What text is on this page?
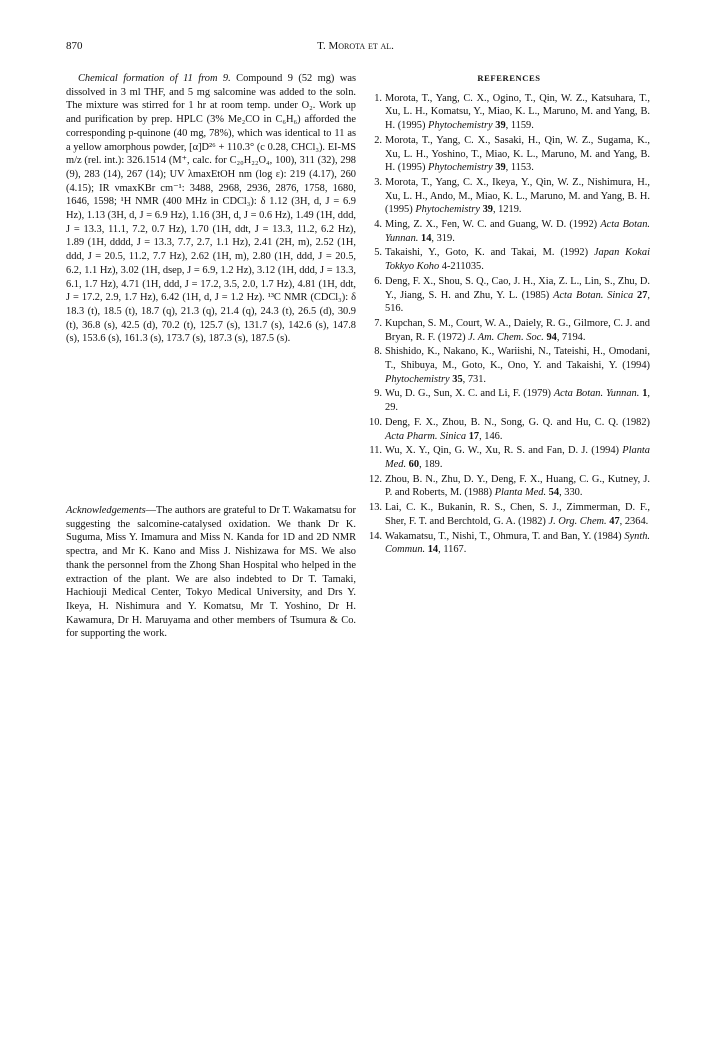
870	T. Morota et al.

Chemical formation of 11 from 9. Compound 9 (52 mg) was dissolved in 3 ml THF, and 5 mg salcomine was added to the soln. The mixture was stirred for 1 hr at room temp. under O₂. Work up and purification by prep. HPLC (3% Me₂CO in C₆H₆) afforded the corresponding p-quinone (40 mg, 78%), which was identical to 11 as a yellow amorphous powder, [α]D²⁶ + 110.3° (c 0.28, CHCl₃). EI-MS m/z (rel. int.): 326.1514 (M⁺, calc. for C₂₀H₂₂O₄, 100), 311 (32), 298 (9), 283 (14), 267 (14); UV λmaxEtOH nm (log ε): 219 (4.17), 260 (4.15); IR νmaxKBr cm⁻¹: 3488, 2968, 2936, 2876, 1758, 1680, 1646, 1598; ¹H NMR (400 MHz in CDCl₃): δ 1.12 (3H, d, J = 6.9 Hz), 1.13 (3H, d, J = 6.9 Hz), 1.16 (3H, d, J = 0.6 Hz), 1.49 (1H, ddd, J = 13.3, 11.1, 7.2, 0.7 Hz), 1.70 (1H, ddt, J = 13.3, 11.2, 6.2 Hz), 1.89 (1H, dddd, J = 13.3, 7.7, 2.7, 1.1 Hz), 2.41 (2H, m), 2.52 (1H, ddd, J = 20.5, 11.2, 7.7 Hz), 2.62 (1H, m), 2.80 (1H, ddd, J = 20.5, 6.2, 1.1 Hz), 3.02 (1H, dsep, J = 6.9, 1.2 Hz), 3.12 (1H, ddd, J = 13.3, 6.1, 1.7 Hz), 4.71 (1H, ddd, J = 17.2, 3.5, 2.0, 1.7 Hz), 4.81 (1H, ddt, J = 17.2, 2.9, 1.7 Hz), 6.42 (1H, d, J = 1.2 Hz). ¹³C NMR (CDCl₃): δ 18.3 (t), 18.5 (t), 18.7 (q), 21.3 (q), 21.4 (q), 24.3 (t), 26.5 (d), 30.9 (t), 36.8 (s), 42.5 (d), 70.2 (t), 125.7 (s), 131.7 (s), 142.6 (s), 147.8 (s), 153.6 (s), 161.3 (s), 173.7 (s), 187.3 (s), 187.5 (s).

Acknowledgements—The authors are grateful to Dr T. Wakamatsu for suggesting the salcomine-catalysed oxidation. We thank Dr K. Suguma, Miss Y. Imamura and Miss N. Kanda for 1D and 2D NMR spectra, and Mr K. Kano and Miss J. Nishizawa for MS. We also thank the personnel from the Zhong Shan Hospital who helped in the extraction of the plant. We are also indebted to Dr T. Tamaki, Hachiouji Medical Center, Tokyo Medical University, and Drs Y. Ikeya, H. Nishimura and Y. Komatsu, Mr T. Yoshino, Dr H. Kawamura, Dr H. Maruyama and other members of Tsumura & Co. for supporting the work.

REFERENCES
1. Morota, T., Yang, C. X., Ogino, T., Qin, W. Z., Katsuhara, T., Xu, L. H., Komatsu, Y., Miao, K. L., Maruno, M. and Yang, B. H. (1995) Phytochemistry 39, 1159.
2. Morota, T., Yang, C. X., Sasaki, H., Qin, W. Z., Sugama, K., Xu, L. H., Yoshino, T., Miao, K. L., Maruno, M. and Yang, B. H. (1995) Phytochemistry 39, 1153.
3. Morota, T., Yang, C. X., Ikeya, Y., Qin, W. Z., Nishimura, H., Xu, L. H., Ando, M., Miao, K. L., Maruno, M. and Yang, B. H. (1995) Phytochemistry 39, 1219.
4. Ming, Z. X., Fen, W. C. and Guang, W. D. (1992) Acta Botan. Yunnan. 14, 319.
5. Takaishi, Y., Goto, K. and Takai, M. (1992) Japan Kokai Tokkyo Koho 4-211035.
6. Deng, F. X., Shou, S. Q., Cao, J. H., Xia, Z. L., Lin, S., Zhu, D. Y., Jiang, S. H. and Zhu, Y. L. (1985) Acta Botan. Sinica 27, 516.
7. Kupchan, S. M., Court, W. A., Daiely, R. G., Gilmore, C. J. and Bryan, R. F. (1972) J. Am. Chem. Soc. 94, 7194.
8. Shishido, K., Nakano, K., Wariishi, N., Tateishi, H., Omodani, T., Shibuya, M., Goto, K., Ono, Y. and Takaishi, Y. (1994) Phytochemistry 35, 731.
9. Wu, D. G., Sun, X. C. and Li, F. (1979) Acta Botan. Yunnan. 1, 29.
10. Deng, F. X., Zhou, B. N., Song, G. Q. and Hu, C. Q. (1982) Acta Pharm. Sinica 17, 146.
11. Wu, X. Y., Qin, G. W., Xu, R. S. and Fan, D. J. (1994) Planta Med. 60, 189.
12. Zhou, B. N., Zhu, D. Y., Deng, F. X., Huang, C. G., Kutney, J. P. and Roberts, M. (1988) Planta Med. 54, 330.
13. Lai, C. K., Bukanin, R. S., Chen, S. J., Zimmerman, D. F., Sher, F. T. and Berchtold, G. A. (1982) J. Org. Chem. 47, 2364.
14. Wakamatsu, T., Nishi, T., Ohmura, T. and Ban, Y. (1984) Synth. Commun. 14, 1167.
